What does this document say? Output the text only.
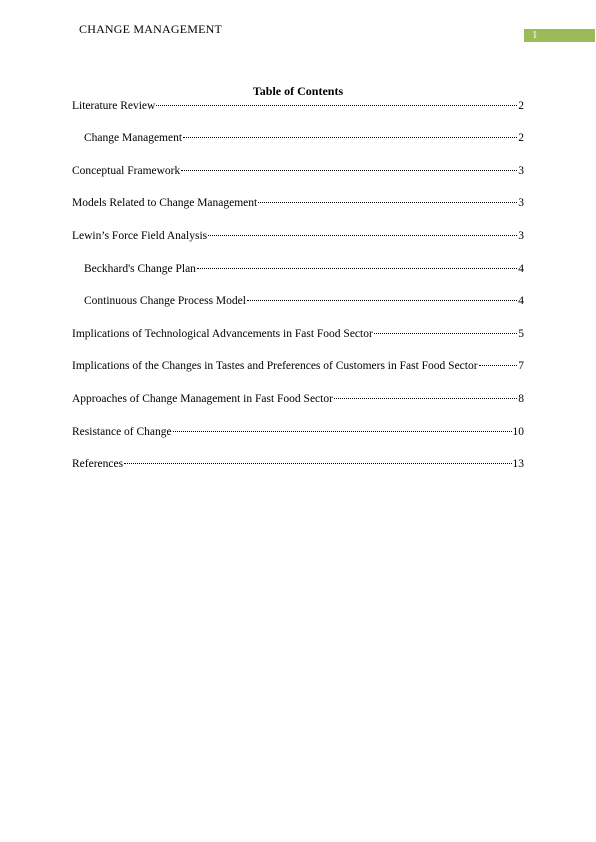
CHANGE MANAGEMENT	1
Table of Contents
Literature Review	2
Change Management	2
Conceptual Framework	3
Models Related to Change Management	3
Lewin’s Force Field Analysis	3
Beckhard's Change Plan	4
Continuous Change Process Model	4
Implications of Technological Advancements in Fast Food Sector	5
Implications of the Changes in Tastes and Preferences of Customers in Fast Food Sector	7
Approaches of Change Management in Fast Food Sector	8
Resistance of Change	10
References	13
